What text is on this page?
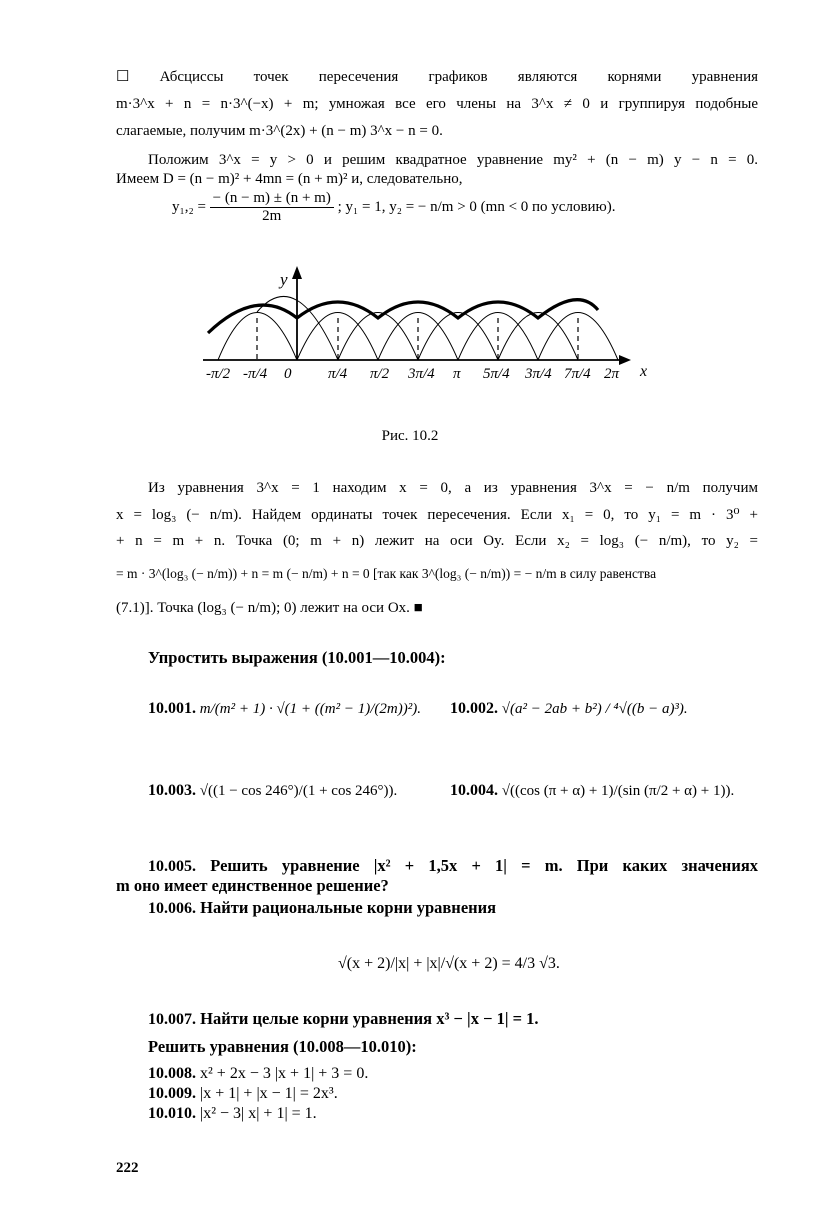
☐ Абсциссы точек пересечения графиков являются корнями уравнения
m·3^x + n = n·3^(−x) + m; умножая все его члены на 3^x ≠ 0 и группируя подобные
слагаемые, получим m·3^(2x) + (n − m) 3^x − n = 0.
Положим 3^x = y > 0 и решим квадратное уравнение my² + (n − m) y − n = 0.
Имеем D = (n − m)² + 4mn = (n + m)² и, следовательно,
$y_1,_2 = \frac{- (n - m) \pm (n + m)}{2m}$ ; y₁ = 1, y₂ = − n/m > 0 (mn < 0 по условию).
y
x
-π/2 -π/4 0 π/4 π/2 3π/4 π 5π/4 3π/4 7π/4 2π
Рис. 10.2
Из уравнения 3^x = 1 находим x = 0, а из уравнения 3^x = − n/m получим
x = log₃ (− n/m). Найдем ординаты точек пересечения. Если x₁ = 0, то y₁ = m · 3⁰ +
+ n = m + n. Точка (0; m + n) лежит на оси Oy. Если x₂ = log₃ (− n/m), то y₂ =
= m · 3^(log₃ (− n/m)) + n = m (− n/m) + n = 0 [так как 3^(log₃ (− n/m)) = − n/m в силу равенства
(7.1)]. Точка (log₃ (− n/m); 0) лежит на оси Ox. ■
Упростить выражения (10.001—10.004):
10.001. m/(m² + 1) · √(1 + ((m² − 1)/(2m))²). 10.002. √(a² − 2ab + b²) / ⁴√((b − a)³).
10.003. √((1 − cos 246°)/(1 + cos 246°)).	10.004. √((cos (π + α) + 1)/(sin (π/2 + α) + 1)).
10.005. Решить уравнение |x² + 1,5x + 1| = m. При каких значениях
m оно имеет единственное решение?
10.006. Найти рациональные корни уравнения
√(x + 2)/|x| + |x|/√(x + 2) = 4/3 √3.
10.007. Найти целые корни уравнения x³ − |x − 1| = 1.
Решить уравнения (10.008—10.010):
10.008. x² + 2x − 3 |x + 1| + 3 = 0.
10.009. |x + 1| + |x − 1| = 2x³.
10.010. |x² − 3| x| + 1| = 1.
222
